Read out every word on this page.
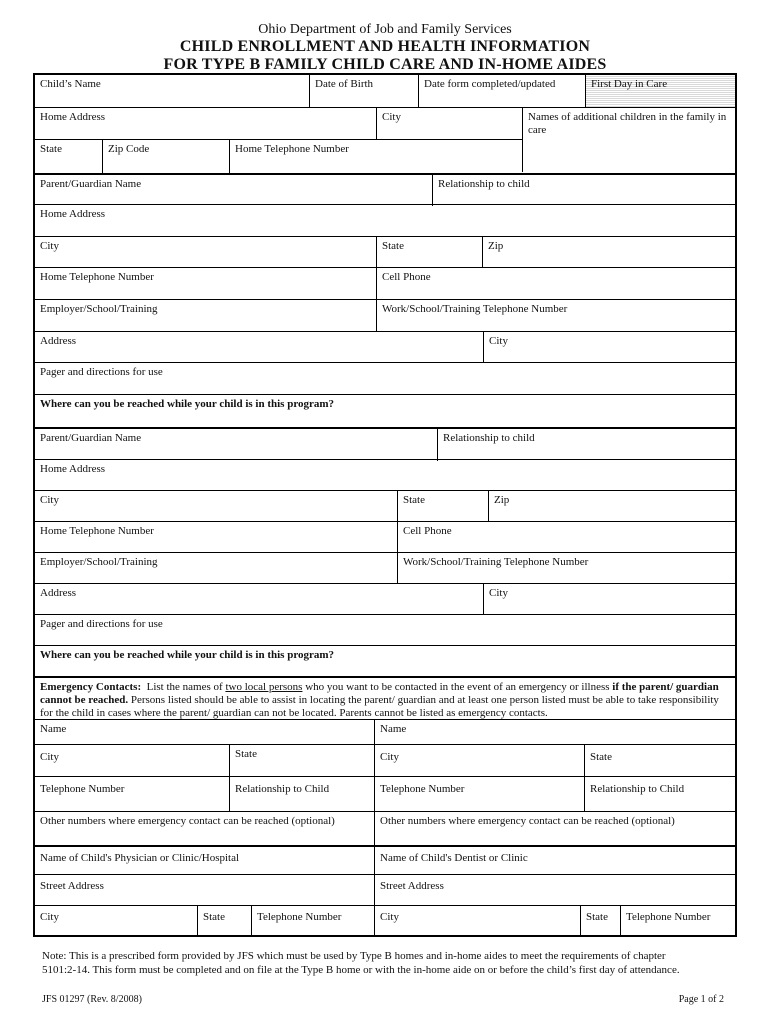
Ohio Department of Job and Family Services
CHILD ENROLLMENT AND HEALTH INFORMATION
FOR TYPE B FAMILY CHILD CARE AND IN-HOME AIDES
Child’s Name	Date of Birth	Date form completed/updated	First Day in Care
Home Address	City	Names of additional children in the family in care
State	Zip Code	Home Telephone Number
Parent/Guardian Name	Relationship to child
Home Address
City	State	Zip
Home Telephone Number	Cell Phone
Employer/School/Training	Work/School/Training Telephone Number
Address	City
Pager and directions for use
Where can you be reached while your child is in this program?
Parent/Guardian Name	Relationship to child
Home Address
City	State	Zip
Home Telephone Number	Cell Phone
Employer/School/Training	Work/School/Training Telephone Number
Address	City
Pager and directions for use
Where can you be reached while your child is in this program?
Emergency Contacts: List the names of two local persons who you want to be contacted in the event of an emergency or illness if the parent/ guardian cannot be reached. Persons listed should be able to assist in locating the parent/ guardian and at least one person listed must be able to take responsibility for the child in cases where the parent/ guardian can not be located. Parents cannot be listed as emergency contacts.
Name	Name
City	State	City	State
Telephone Number	Relationship to Child	Telephone Number	Relationship to Child
Other numbers where emergency contact can be reached (optional)	Other numbers where emergency contact can be reached (optional)
Name of Child's Physician or Clinic/Hospital	Name of Child's Dentist or Clinic
Street Address	Street Address
City	State	Telephone Number	City	State	Telephone Number
Note: This is a prescribed form provided by JFS which must be used by Type B homes and in-home aides to meet the requirements of chapter
5101:2-14. This form must be completed and on file at the Type B home or with the in-home aide on or before the child’s first day of attendance.
JFS 01297 (Rev. 8/2008)	Page 1 of 2
